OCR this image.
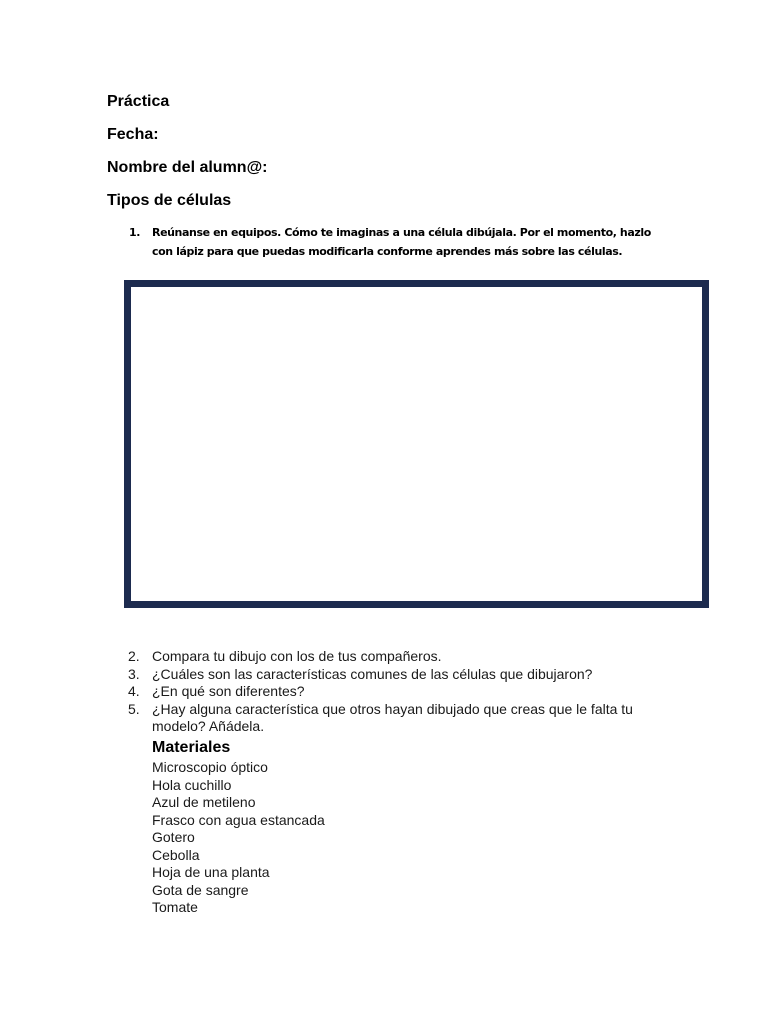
Práctica
Fecha:
Nombre del alumn@:
Tipos de células
1.	Reúnanse en equipos. Cómo te imaginas a una célula dibújala. Por el momento, hazlo con lápiz para que puedas modificarla conforme aprendes más sobre las células.
2. Compara tu dibujo con los de tus compañeros.
3. ¿Cuáles son las características comunes de las células que dibujaron?
4. ¿En qué son diferentes?
5. ¿Hay alguna característica que otros hayan dibujado que creas que le falta tu modelo? Añádela.
Materiales
Microscopio óptico
Hola cuchillo
Azul de metileno
Frasco con agua estancada
Gotero
Cebolla
Hoja de una planta
Gota de sangre
Tomate
